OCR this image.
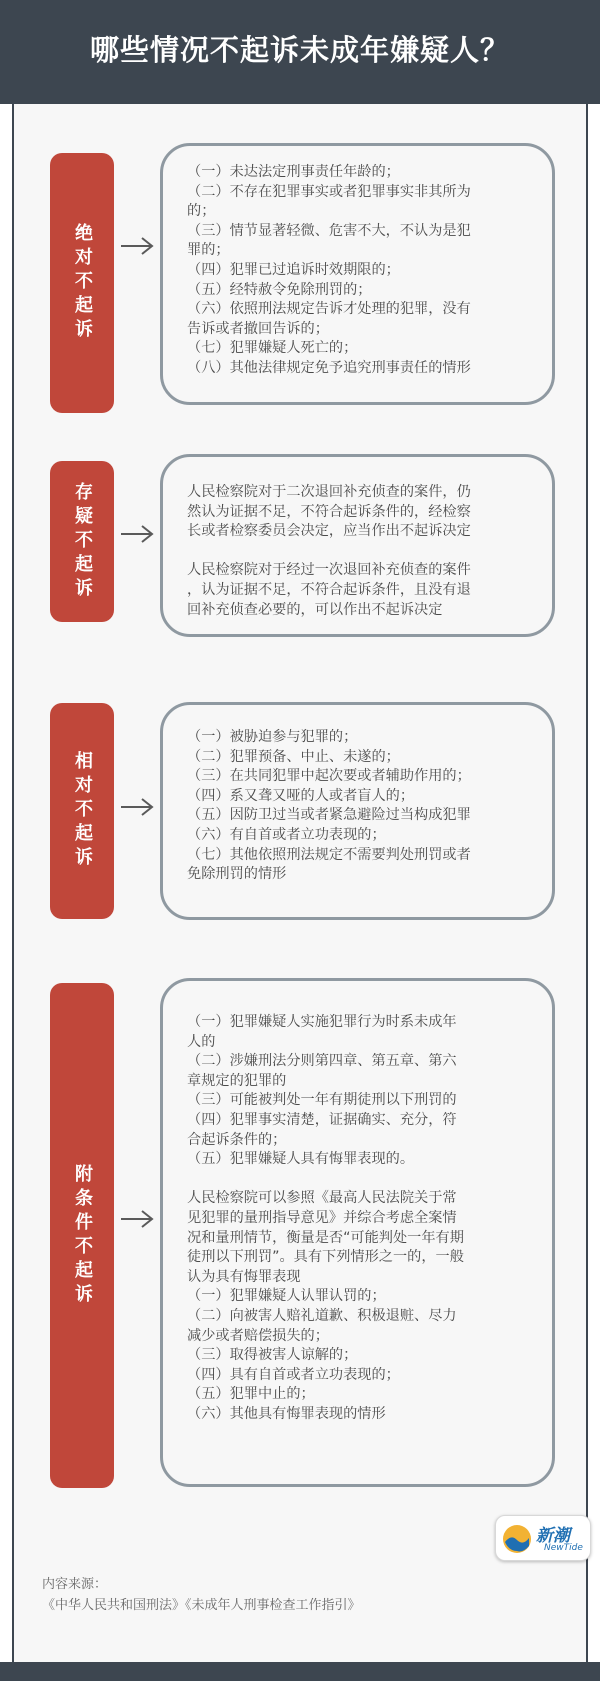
哪些情况不起诉未成年嫌疑人？
绝对不起诉

（一）未达法定刑事责任年龄的；

（二）不存在犯罪事实或者犯罪事实非其所为

的；

（三）情节显著轻微、危害不大，不认为是犯

罪的；

（四）犯罪已过追诉时效期限的；

（五）经特赦令免除刑罚的；

（六）依照刑法规定告诉才处理的犯罪，没有

告诉或者撤回告诉的；

（七）犯罪嫌疑人死亡的；

（八）其他法律规定免予追究刑事责任的情形

存疑不起诉	人民检察院对于二次退回补充侦查的案件，仍

然认为证据不足，不符合起诉条件的，经检察

长或者检察委员会决定，应当作出不起诉决定

人民检察院对于经过一次退回补充侦查的案件

，认为证据不足，不符合起诉条件，且没有退

回补充侦查必要的，可以作出不起诉决定

相对不起诉

（一）被胁迫参与犯罪的；

（二）犯罪预备、中止、未遂的；

（三）在共同犯罪中起次要或者辅助作用的；

（四）系又聋又哑的人或者盲人的；

（五）因防卫过当或者紧急避险过当构成犯罪

（六）有自首或者立功表现的；

（七）其他依照刑法规定不需要判处刑罚或者

免除刑罚的情形

附条件不起诉

（一）犯罪嫌疑人实施犯罪行为时系未成年

人的

（二）涉嫌刑法分则第四章、第五章、第六

章规定的犯罪的

（三）可能被判处一年有期徒刑以下刑罚的

（四）犯罪事实清楚，证据确实、充分，符

合起诉条件的；

（五）犯罪嫌疑人具有悔罪表现的。

人民检察院可以参照《最高人民法院关于常

见犯罪的量刑指导意见》并综合考虑全案情

况和量刑情节，衡量是否“可能判处一年有期

徒刑以下刑罚”。具有下列情形之一的，一般

认为具有悔罪表现

（一）犯罪嫌疑人认罪认罚的；

（二）向被害人赔礼道歉、积极退赃、尽力

减少或者赔偿损失的；

（三）取得被害人谅解的；

（四）具有自首或者立功表现的；

（五）犯罪中止的；

（六）其他具有悔罪表现的情形

新潮
NewTide
内容来源：
《中华人民共和国刑法》《未成年人刑事检查工作指引》
